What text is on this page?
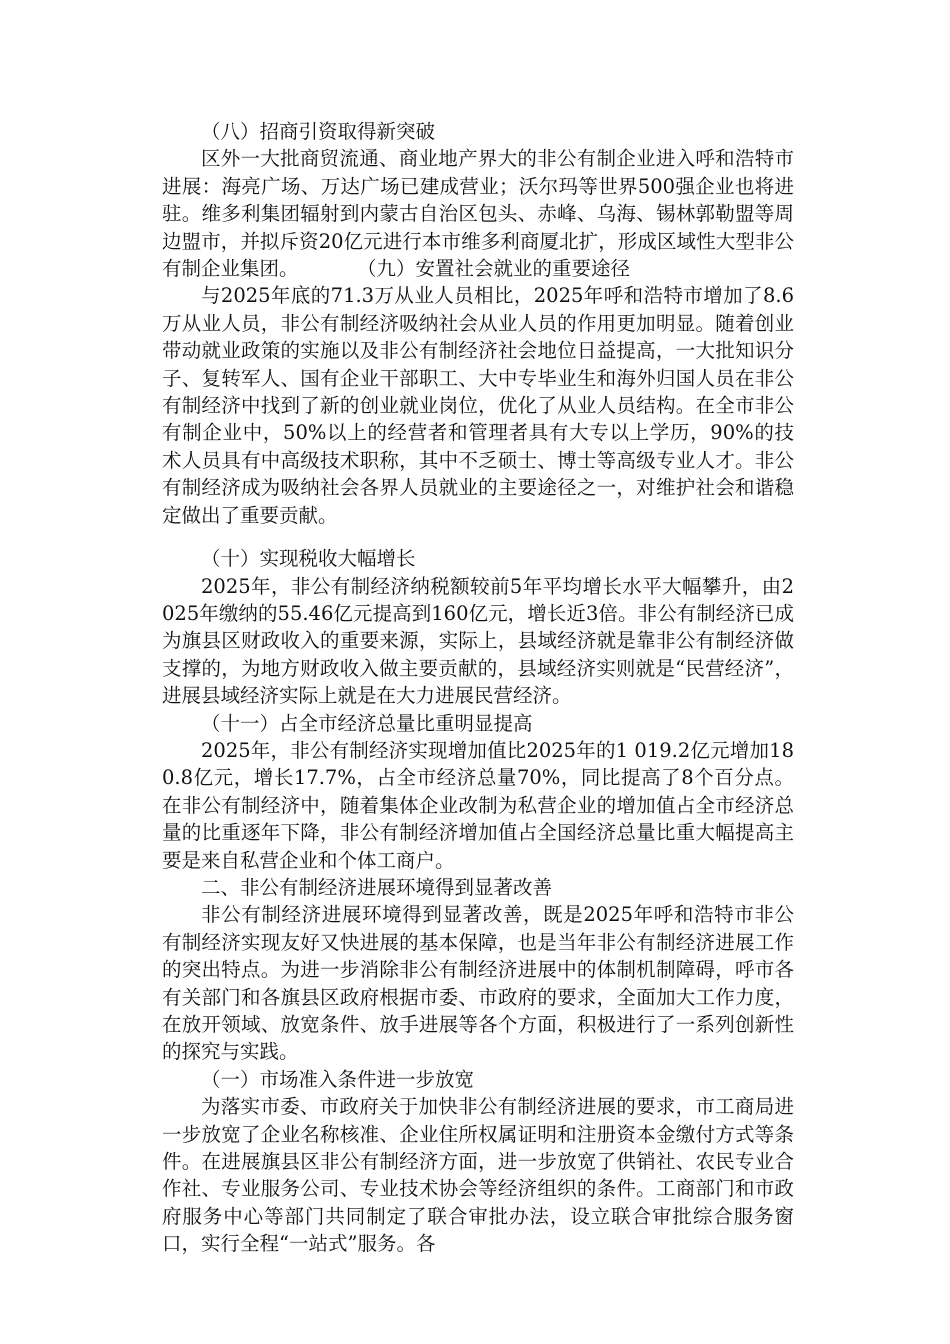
（八）招商引资取得新突破
区外一大批商贸流通、商业地产界大的非公有制企业进入呼和浩特市进展：海亮广场、万达广场已建成营业；沃尔玛等世界500强企业也将进驻。维多利集团辐射到内蒙古自治区包头、赤峰、乌海、锡林郭勒盟等周边盟市，并拟斥资20亿元进行本市维多利商厦北扩，形成区域性大型非公有制企业集团。　　　　（九）安置社会就业的重要途径
与2025年底的71.3万从业人员相比，2025年呼和浩特市增加了8.6万从业人员，非公有制经济吸纳社会从业人员的作用更加明显。随着创业带动就业政策的实施以及非公有制经济社会地位日益提高，一大批知识分子、复转军人、国有企业干部职工、大中专毕业生和海外归国人员在非公有制经济中找到了新的创业就业岗位，优化了从业人员结构。在全市非公有制企业中，50%以上的经营者和管理者具有大专以上学历，90%的技术人员具有中高级技术职称，其中不乏硕士、博士等高级专业人才。非公有制经济成为吸纳社会各界人员就业的主要途径之一，对维护社会和谐稳定做出了重要贡献。
（十）实现税收大幅增长
2025年，非公有制经济纳税额较前5年平均增长水平大幅攀升，由2025年缴纳的55.46亿元提高到160亿元，增长近3倍。非公有制经济已成为旗县区财政收入的重要来源，实际上，县域经济就是靠非公有制经济做支撑的，为地方财政收入做主要贡献的，县域经济实则就是“民营经济”，进展县域经济实际上就是在大力进展民营经济。
（十一）占全市经济总量比重明显提高
2025年，非公有制经济实现增加值比2025年的1 019.2亿元增加180.8亿元，增长17.7%，占全市经济总量70%，同比提高了8个百分点。在非公有制经济中，随着集体企业改制为私营企业的增加值占全市经济总量的比重逐年下降，非公有制经济增加值占全国经济总量比重大幅提高主要是来自私营企业和个体工商户。
二、非公有制经济进展环境得到显著改善
非公有制经济进展环境得到显著改善，既是2025年呼和浩特市非公有制经济实现友好又快进展的基本保障，也是当年非公有制经济进展工作的突出特点。为进一步消除非公有制经济进展中的体制机制障碍，呼市各有关部门和各旗县区政府根据市委、市政府的要求，全面加大工作力度，在放开领域、放宽条件、放手进展等各个方面，积极进行了一系列创新性的探究与实践。
（一）市场准入条件进一步放宽
为落实市委、市政府关于加快非公有制经济进展的要求，市工商局进一步放宽了企业名称核准、企业住所权属证明和注册资本金缴付方式等条件。在进展旗县区非公有制经济方面，进一步放宽了供销社、农民专业合作社、专业服务公司、专业技术协会等经济组织的条件。工商部门和市政府服务中心等部门共同制定了联合审批办法，设立联合审批综合服务窗口，实行全程“一站式”服务。各
